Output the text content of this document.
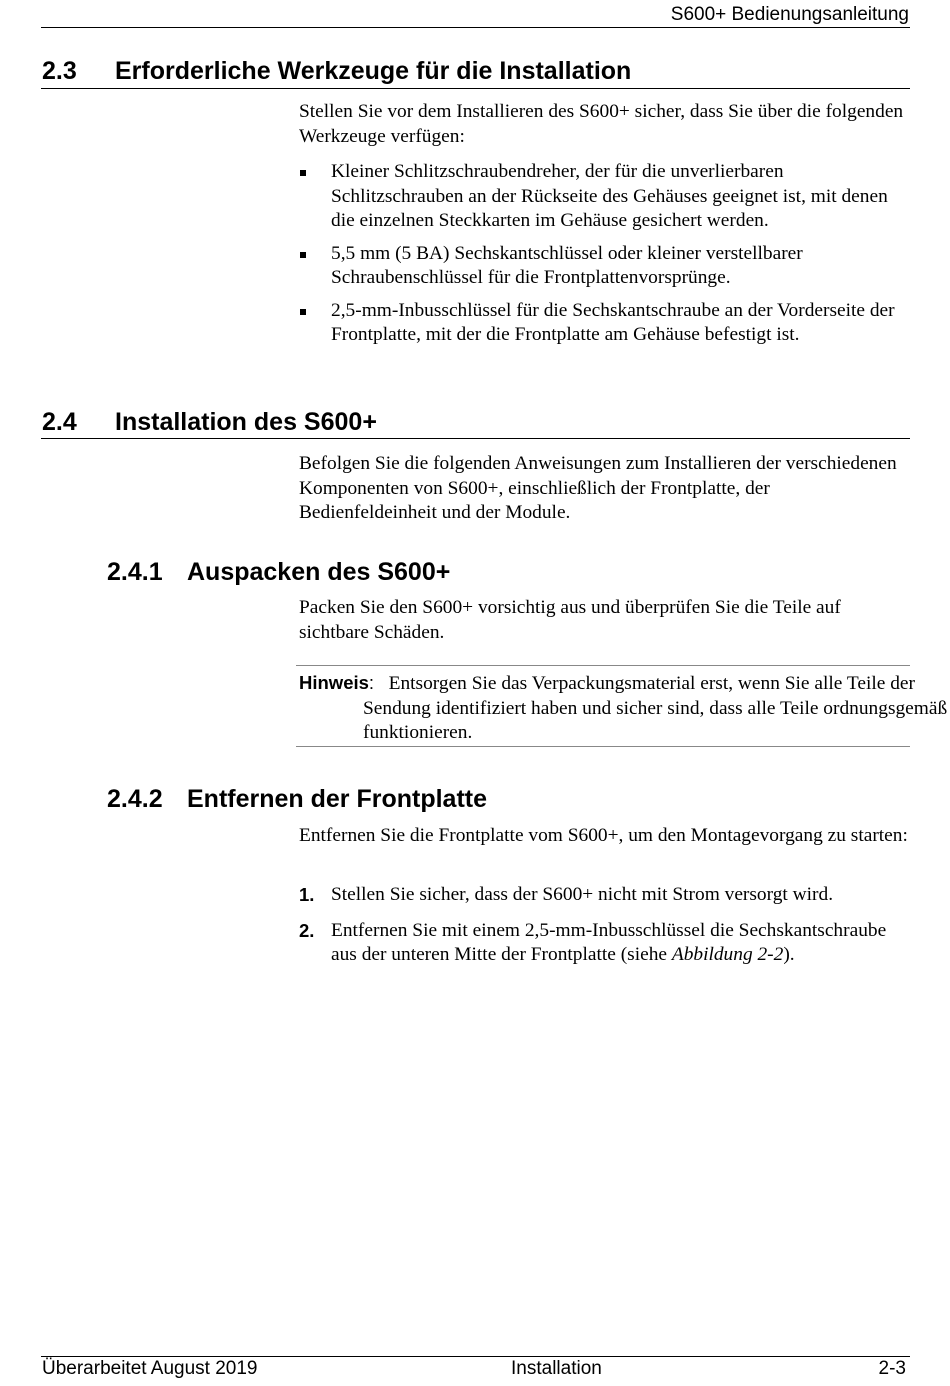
S600+ Bedienungsanleitung
2.3 Erforderliche Werkzeuge für die Installation
Stellen Sie vor dem Installieren des S600+ sicher, dass Sie über die folgenden Werkzeuge verfügen:
Kleiner Schlitzschraubendreher, der für die unverlierbaren Schlitzschrauben an der Rückseite des Gehäuses geeignet ist, mit denen die einzelnen Steckkarten im Gehäuse gesichert werden.
5,5 mm (5 BA) Sechskantschlüssel oder kleiner verstellbarer Schraubenschlüssel für die Frontplattenvorsprünge.
2,5-mm-Inbusschlüssel für die Sechskantschraube an der Vorderseite der Frontplatte, mit der die Frontplatte am Gehäuse befestigt ist.
2.4 Installation des S600+
Befolgen Sie die folgenden Anweisungen zum Installieren der verschiedenen Komponenten von S600+, einschließlich der Frontplatte, der Bedienfeldeinheit und der Module.
2.4.1 Auspacken des S600+
Packen Sie den S600+ vorsichtig aus und überprüfen Sie die Teile auf sichtbare Schäden.
Hinweis: Entsorgen Sie das Verpackungsmaterial erst, wenn Sie alle Teile der Sendung identifiziert haben und sicher sind, dass alle Teile ordnungsgemäß funktionieren.
2.4.2 Entfernen der Frontplatte
Entfernen Sie die Frontplatte vom S600+, um den Montagevorgang zu starten:
1. Stellen Sie sicher, dass der S600+ nicht mit Strom versorgt wird.
2. Entfernen Sie mit einem 2,5-mm-Inbusschlüssel die Sechskantschraube aus der unteren Mitte der Frontplatte (siehe Abbildung 2-2).
Überarbeitet August 2019	Installation	2-3
